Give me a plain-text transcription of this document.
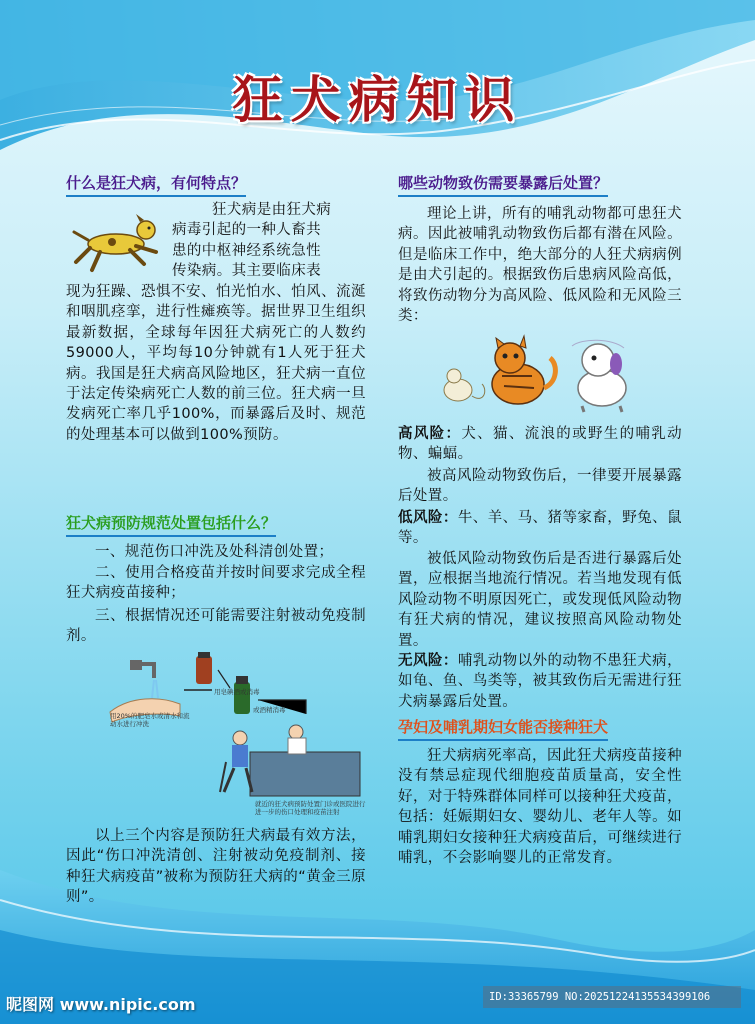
狂犬病知识
什么是狂犬病，有何特点？
狂犬病是由狂犬病
病毒引起的一种人畜共
患的中枢神经系统急性
传染病。其主要临床表

现为狂躁、恐惧不安、怕光怕水、怕风、流涎和咽肌痉挛，进行性瘫痪等。据世界卫生组织最新数据，全球每年因狂犬病死亡的人数约59000人，平均每10分钟就有1人死于狂犬病。我国是狂犬病高风险地区，狂犬病一直位于法定传染病死亡人数的前三位。狂犬病一旦发病死亡率几乎100%，而暴露后及时、规范的处理基本可以做到100%预防。

狂犬病预防规范处置包括什么？

一、规范伤口冲洗及处科清创处置；

二、使用合格疫苗并按时间要求完成全程狂犬病疫苗接种；

三、根据情况还可能需要注射被动免疫制剂。

用20%的肥皂水或清水和流动水进行冲洗
用皂碘酒或消毒
或酒精消毒
就近的狂犬病预防处置门诊或医院进行进一步的伤口处理和疫苗注射

以上三个内容是预防狂犬病最有效方法，因此“伤口冲洗清创、注射被动免疫制剂、接种狂犬病疫苗”被称为预防狂犬病的“黄金三原则”。

哪些动物致伤需要暴露后处置？

理论上讲，所有的哺乳动物都可患狂犬病。因此被哺乳动物致伤后都有潜在风险。但是临床工作中，绝大部分的人狂犬病病例是由犬引起的。根据致伤后患病风险高低，将致伤动物分为高风险、低风险和无风险三类：

高风险：犬、猫、流浪的或野生的哺乳动物、蝙蝠。

被高风险动物致伤后，一律要开展暴露后处置。

低风险：牛、羊、马、猪等家畜，野兔、鼠等。

被低风险动物致伤后是否进行暴露后处置，应根据当地流行情况。若当地发现有低风险动物不明原因死亡，或发现低风险动物有狂犬病的情况，建议按照高风险动物处置。

无风险：哺乳动物以外的动物不患狂犬病，如龟、鱼、鸟类等，被其致伤后无需进行狂犬病暴露后处置。
孕妇及哺乳期妇女能否接种狂犬

狂犬病病死率高，因此狂犬病疫苗接种没有禁忌症现代细胞疫苗质量高，安全性好，对于特殊群体同样可以接种狂犬疫苗，包括：妊娠期妇女、婴幼儿、老年人等。如哺乳期妇女接种狂犬病疫苗后，可继续进行哺乳，不会影响婴儿的正常发育。

昵图网 www.nipic.com	ID:33365799 NO:20251224135534399106
